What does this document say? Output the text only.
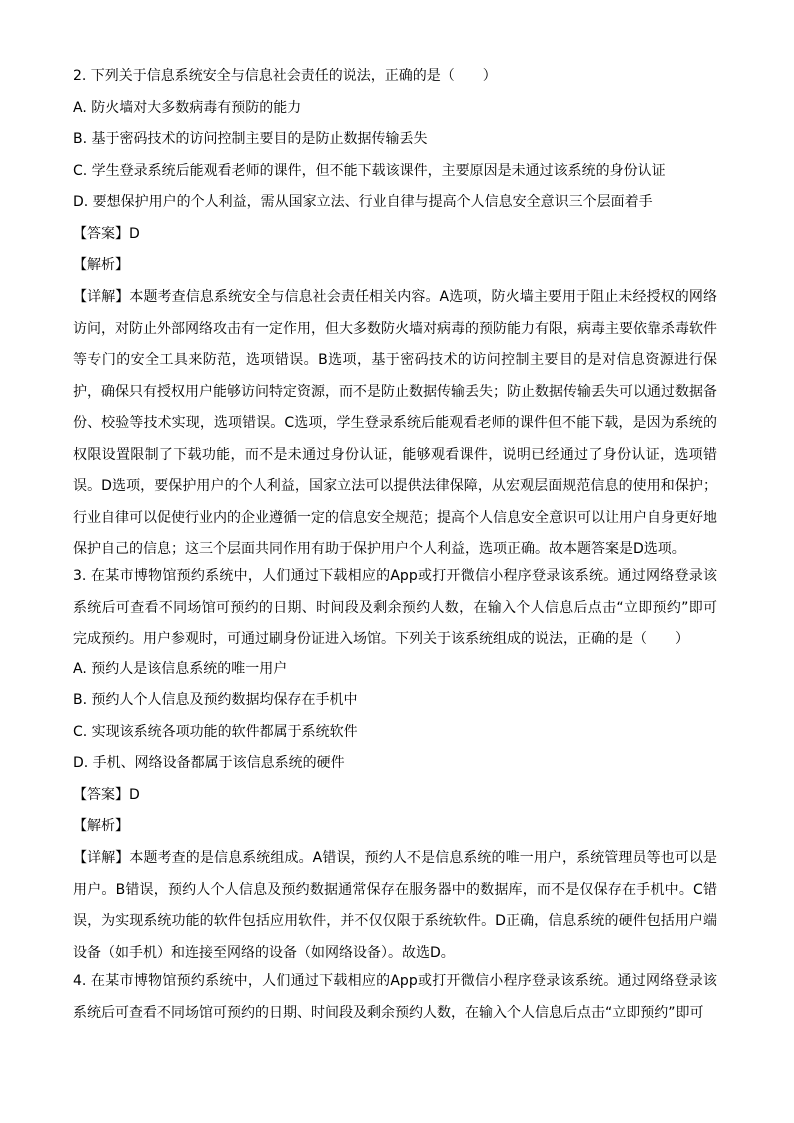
2. 下列关于信息系统安全与信息社会责任的说法，正确的是（　　）
A. 防火墙对大多数病毒有预防的能力
B. 基于密码技术的访问控制主要目的是防止数据传输丢失
C. 学生登录系统后能观看老师的课件，但不能下载该课件，主要原因是未通过该系统的身份认证
D. 要想保护用户的个人利益，需从国家立法、行业自律与提高个人信息安全意识三个层面着手
【答案】D
【解析】
【详解】本题考查信息系统安全与信息社会责任相关内容。A选项，防火墙主要用于阻止未经授权的网络访问，对防止外部网络攻击有一定作用，但大多数防火墙对病毒的预防能力有限，病毒主要依靠杀毒软件等专门的安全工具来防范，选项错误。B选项，基于密码技术的访问控制主要目的是对信息资源进行保护，确保只有授权用户能够访问特定资源，而不是防止数据传输丢失；防止数据传输丢失可以通过数据备份、校验等技术实现，选项错误。C选项，学生登录系统后能观看老师的课件但不能下载，是因为系统的权限设置限制了下载功能，而不是未通过身份认证，能够观看课件，说明已经通过了身份认证，选项错误。D选项，要保护用户的个人利益，国家立法可以提供法律保障，从宏观层面规范信息的使用和保护；行业自律可以促使行业内的企业遵循一定的信息安全规范；提高个人信息安全意识可以让用户自身更好地保护自己的信息；这三个层面共同作用有助于保护用户个人利益，选项正确。故本题答案是D选项。
3. 在某市博物馆预约系统中，人们通过下载相应的App或打开微信小程序登录该系统。通过网络登录该系统后可查看不同场馆可预约的日期、时间段及剩余预约人数，在输入个人信息后点击“立即预约”即可完成预约。用户参观时，可通过刷身份证进入场馆。下列关于该系统组成的说法，正确的是（　　）
A. 预约人是该信息系统的唯一用户
B. 预约人个人信息及预约数据均保存在手机中
C. 实现该系统各项功能的软件都属于系统软件
D. 手机、网络设备都属于该信息系统的硬件
【答案】D
【解析】
【详解】本题考查的是信息系统组成。A错误，预约人不是信息系统的唯一用户，系统管理员等也可以是用户。B错误，预约人个人信息及预约数据通常保存在服务器中的数据库，而不是仅保存在手机中。C错误，为实现系统功能的软件包括应用软件，并不仅仅限于系统软件。D正确，信息系统的硬件包括用户端设备（如手机）和连接至网络的设备（如网络设备）。故选D。
4. 在某市博物馆预约系统中，人们通过下载相应的App或打开微信小程序登录该系统。通过网络登录该系统后可查看不同场馆可预约的日期、时间段及剩余预约人数，在输入个人信息后点击“立即预约”即可
